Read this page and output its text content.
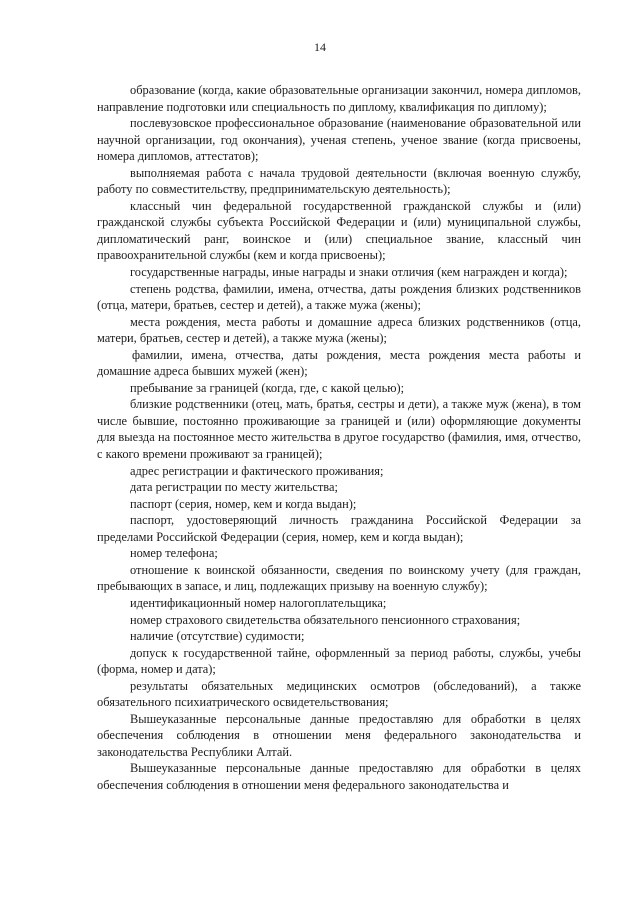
14

образование (когда, какие образовательные организации закончил, номера дипломов, направление подготовки или специальность по диплому, квалификация по диплому);

послевузовское профессиональное образование (наименование образовательной или научной организации, год окончания), ученая степень, ученое звание (когда присвоены, номера дипломов, аттестатов);

выполняемая работа с начала трудовой деятельности (включая военную службу, работу по совместительству, предпринимательскую деятельность);

классный чин федеральной государственной гражданской службы и (или) гражданской службы субъекта Российской Федерации и (или) муниципальной службы, дипломатический ранг, воинское и (или) специальное звание, классный чин правоохранительной службы (кем и когда присвоены);

государственные награды, иные награды и знаки отличия (кем награжден и когда);

степень родства, фамилии, имена, отчества, даты рождения близких родственников (отца, матери, братьев, сестер и детей), а также мужа (жены);

места рождения, места работы и домашние адреса близких родственников (отца, матери, братьев, сестер и детей), а также мужа (жены);

фамилии, имена, отчества, даты рождения, места рождения места работы и домашние адреса бывших мужей (жен);

пребывание за границей (когда, где, с какой целью);

близкие родственники (отец, мать, братья, сестры и дети), а также муж (жена), в том числе бывшие, постоянно проживающие за границей и (или) оформляющие документы для выезда на постоянное место жительства в другое государство (фамилия, имя, отчество, с какого времени проживают за границей);

адрес регистрации и фактического проживания;

дата регистрации по месту жительства;

паспорт (серия, номер, кем и когда выдан);

паспорт, удостоверяющий личность гражданина Российской Федерации за пределами Российской Федерации (серия, номер, кем и когда выдан);

номер телефона;

отношение к воинской обязанности, сведения по воинскому учету (для граждан, пребывающих в запасе, и лиц, подлежащих призыву на военную службу);

идентификационный номер налогоплательщика;

номер страхового свидетельства обязательного пенсионного страхования;

наличие (отсутствие) судимости;

допуск к государственной тайне, оформленный за период работы, службы, учебы (форма, номер и дата);

результаты обязательных медицинских осмотров (обследований), а также обязательного психиатрического освидетельствования;

Вышеуказанные персональные данные предоставляю для обработки в целях обеспечения соблюдения в отношении меня федерального законодательства и законодательства Республики Алтай.

Вышеуказанные персональные данные предоставляю для обработки в целях обеспечения соблюдения в отношении меня федерального законодательства и
